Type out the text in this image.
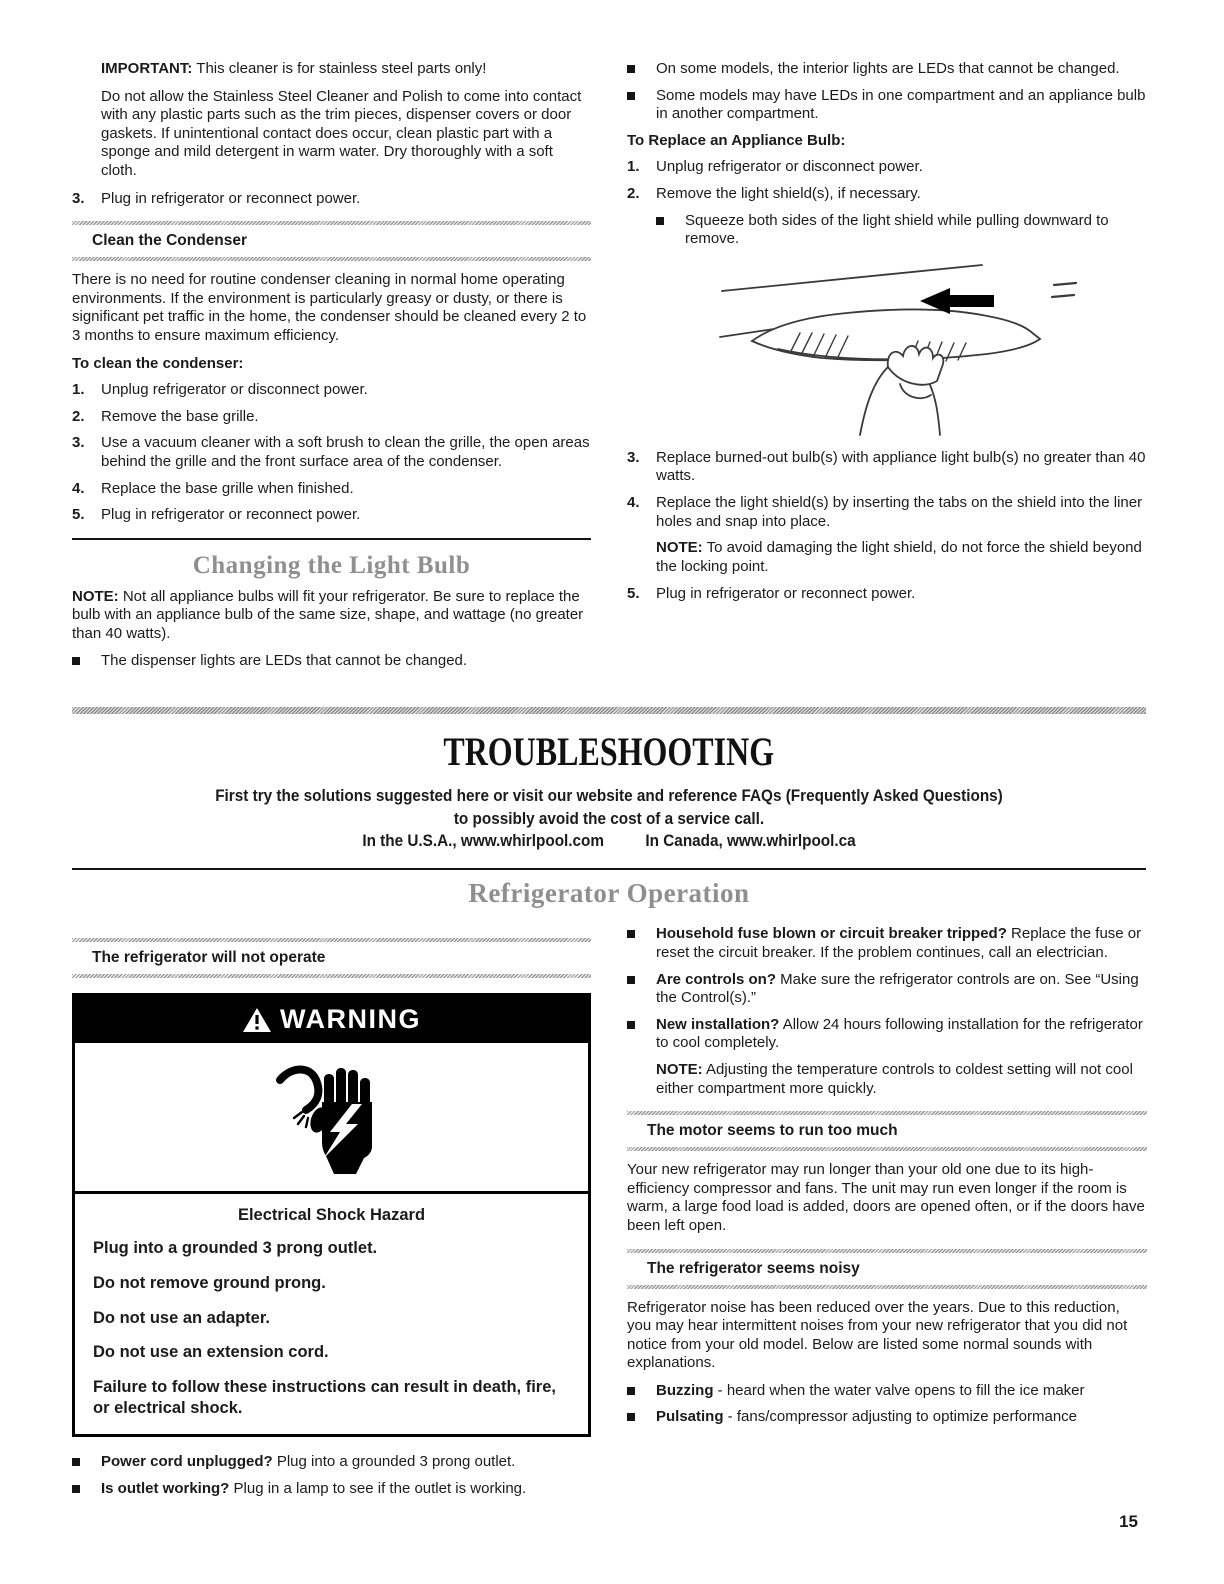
IMPORTANT: This cleaner is for stainless steel parts only!

Do not allow the Stainless Steel Cleaner and Polish to come into contact with any plastic parts such as the trim pieces, dispenser covers or door gaskets. If unintentional contact does occur, clean plastic part with a sponge and mild detergent in warm water. Dry thoroughly with a soft cloth.

3.	Plug in refrigerator or reconnect power.
Clean the Condenser

There is no need for routine condenser cleaning in normal home operating environments. If the environment is particularly greasy or dusty, or there is significant pet traffic in the home, the condenser should be cleaned every 2 to 3 months to ensure maximum efficiency.

To clean the condenser:

1.	Unplug refrigerator or disconnect power.
2.	Remove the base grille.
3.	Use a vacuum cleaner with a soft brush to clean the grille, the open areas behind the grille and the front surface area of the condenser.
4.	Replace the base grille when finished.
5.	Plug in refrigerator or reconnect power.
Changing the Light Bulb

NOTE: Not all appliance bulbs will fit your refrigerator. Be sure to replace the bulb with an appliance bulb of the same size, shape, and wattage (no greater than 40 watts).

The dispenser lights are LEDs that cannot be changed.
On some models, the interior lights are LEDs that cannot be changed.
Some models may have LEDs in one compartment and an appliance bulb in another compartment.

To Replace an Appliance Bulb:

1.	Unplug refrigerator or disconnect power.
2.	Remove the light shield(s), if necessary.
Squeeze both sides of the light shield while pulling downward to remove.
3.	Replace burned-out bulb(s) with appliance light bulb(s) no greater than 40 watts.
4.	Replace the light shield(s) by inserting the tabs on the shield into the liner holes and snap into place.

NOTE: To avoid damaging the light shield, do not force the shield beyond the locking point.

5.	Plug in refrigerator or reconnect power.
TROUBLESHOOTING
First try the solutions suggested here or visit our website and reference FAQs (Frequently Asked Questions)
to possibly avoid the cost of a service call.
In the U.S.A., www.whirlpool.com In Canada, www.whirlpool.ca
Refrigerator Operation
The refrigerator will not operate
WARNING
Electrical Shock Hazard

Plug into a grounded 3 prong outlet.

Do not remove ground prong.

Do not use an adapter.

Do not use an extension cord.

Failure to follow these instructions can result in death, fire, or electrical shock.

Power cord unplugged? Plug into a grounded 3 prong outlet.
Is outlet working? Plug in a lamp to see if the outlet is working.
Household fuse blown or circuit breaker tripped? Replace the fuse or reset the circuit breaker. If the problem continues, call an electrician.
Are controls on? Make sure the refrigerator controls are on. See “Using the Control(s).”
New installation? Allow 24 hours following installation for the refrigerator to cool completely.

NOTE: Adjusting the temperature controls to coldest setting will not cool either compartment more quickly.

The motor seems to run too much

Your new refrigerator may run longer than your old one due to its high-efficiency compressor and fans. The unit may run even longer if the room is warm, a large food load is added, doors are opened often, or if the doors have been left open.

The refrigerator seems noisy

Refrigerator noise has been reduced over the years. Due to this reduction, you may hear intermittent noises from your new refrigerator that you did not notice from your old model. Below are listed some normal sounds with explanations.

Buzzing - heard when the water valve opens to fill the ice maker
Pulsating - fans/compressor adjusting to optimize performance
15
